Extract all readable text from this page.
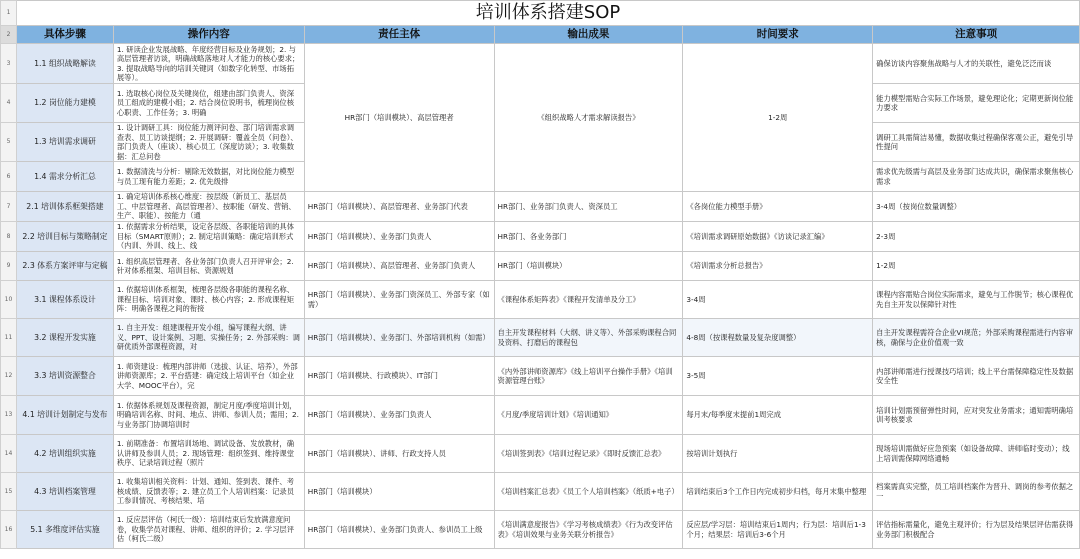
1	培训体系搭建SOP					
2	具体步骤	操作内容	责任主体	输出成果	时间要求	注意事项
3	1.1 组织战略解读	1. 研读企业发展战略、年度经营目标及业务规划；2. 与高层管理者访谈，明确战略落地对人才能力的核心要求；3. 提取战略导向的培训关键词（如数字化转型、市场拓展等）。	HR部门（培训模块）、高层管理者	《组织战略人才需求解读报告》	1-2周	确保访谈内容聚焦战略与人才的关联性，避免泛泛而谈

4	1.2 岗位能力建模	1. 选取核心岗位及关键岗位，组建由部门负责人、资深员工组成的建模小组；2. 结合岗位说明书，梳理岗位核心职责、工作任务；3. 明确				能力模型需贴合实际工作场景，避免理论化；定期更新岗位能力要求

5	1.3 培训需求调研	1. 设计调研工具：岗位能力测评问卷、部门培训需求调查表、员工访谈提纲；2. 开展调研：覆盖全员（问卷）、部门负责人（座谈）、核心员工（深度访谈）；3. 收集数据：汇总问卷				调研工具需简洁易懂，数据收集过程确保客观公正，避免引导性提问

6	1.4 需求分析汇总	1. 数据清洗与分析：剔除无效数据，对比岗位能力模型与员工现有能力差距；2. 优先级排				需求优先级需与高层及业务部门达成共识，确保需求聚焦核心需求

7	2.1 培训体系框架搭建	1. 确定培训体系核心维度：按层级（新员工、基层员工、中层管理者、高层管理者）、按职能（研发、营销、生产、职能）、按能力（通	HR部门（培训模块）、高层管理者、业务部门代表	HR部门、业务部门负责人、资深员工	《各岗位能力模型手册》	3-4周（按岗位数量调整）

8	2.2 培训目标与策略制定	1. 依据需求分析结果，设定各层级、各职能培训的具体目标（SMART原则）；2. 制定培训策略：确定培训形式（内训、外训、线上、线	HR部门（培训模块）、业务部门负责人	HR部门、各业务部门	《培训需求调研原始数据》《访谈记录汇编》	2-3周

9	2.3 体系方案评审与定稿	1. 组织高层管理者、各业务部门负责人召开评审会；2. 针对体系框架、培训目标、资源规划	HR部门（培训模块）、高层管理者、业务部门负责人	HR部门（培训模块）	《培训需求分析总报告》	1-2周

10	3.1 课程体系设计	1. 依据培训体系框架，梳理各层级各职能的课程名称、课程目标、培训对象、课时、核心内容；2. 形成课程矩阵：明确各课程之间的衔接	HR部门（培训模块）、业务部门资深员工、外部专家（如需）	《课程体系矩阵表》《课程开发清单及分工》	3-4周	课程内容需贴合岗位实际需求，避免与工作脱节；核心课程优先自主开发以保障针对性

11	3.2 课程开发实施	1. 自主开发：组建课程开发小组，编写课程大纲、讲义、PPT、设计案例、习题、实操任务；2. 外部采购：调研优质外部课程资源，对	HR部门（培训模块）、业务部门、外部培训机构（如需）	自主开发课程材料（大纲、讲义等）、外部采购课程合同及资料、打磨后的课程包	4-8周（按课程数量及复杂度调整）	自主开发课程需符合企业VI规范；外部采购课程需进行内容审核，确保与企业价值观一致

12	3.3 培训资源整合	1. 师资建设：梳理内部讲师（选拔、认证、培养），外部讲师资源库；2. 平台搭建：确定线上培训平台（如企业大学、MOOC平台），完	HR部门（培训模块、行政模块）、IT部门	《内外部讲师资源库》《线上培训平台操作手册》《培训资源管理台账》	3-5周	内部讲师需进行授课技巧培训；线上平台需保障稳定性及数据安全性

13	4.1 培训计划制定与发布	1. 依据体系规划及课程资源，制定月度/季度培训计划，明确培训名称、时间、地点、讲师、参训人员；需用；2. 与业务部门协调培训时	HR部门（培训模块）、业务部门负责人	《月度/季度培训计划》《培训通知》	每月末/每季度末提前1周完成	培训计划需预留弹性时间，应对突发业务需求；通知需明确培训考核要求

14	4.2 培训组织实施	1. 前期准备：布置培训场地、调试设备、发放教材，确认讲师及参训人员；2. 现场管理：组织签到、维持课堂秩序、记录培训过程（照片	HR部门（培训模块）、讲师、行政支持人员	《培训签到表》《培训过程记录》《即时反馈汇总表》	按培训计划执行	现场培训需做好应急预案（如设备故障、讲师临时变动）；线上培训需保障网络通畅

15	4.3 培训档案管理	1. 收集培训相关资料：计划、通知、签到表、课件、考核成绩、反馈表等；2. 建立员工个人培训档案：记录员工参训情况、考核结果、培	HR部门（培训模块）	《培训档案汇总表》《员工个人培训档案》（纸质+电子）	培训结束后3个工作日内完成初步归档，每月末集中整理	档案需真实完整，员工培训档案作为晋升、调岗的参考依据之一

16	5.1 多维度评估实施	1. 反应层评估（柯氏一级）：培训结束后发放满意度问卷，收集学员对课程、讲师、组织的评价；2. 学习层评估（柯氏二级）	HR部门（培训模块）、业务部门负责人、参训员工上级	《培训满意度报告》《学习考核成绩表》《行为改变评估表》《培训效果与业务关联分析报告》	反应层/学习层：培训结束后1周内；行为层：培训后1-3个月；结果层：培训后3-6个月	评估指标需量化，避免主观评价；行为层及结果层评估需获得业务部门积极配合
